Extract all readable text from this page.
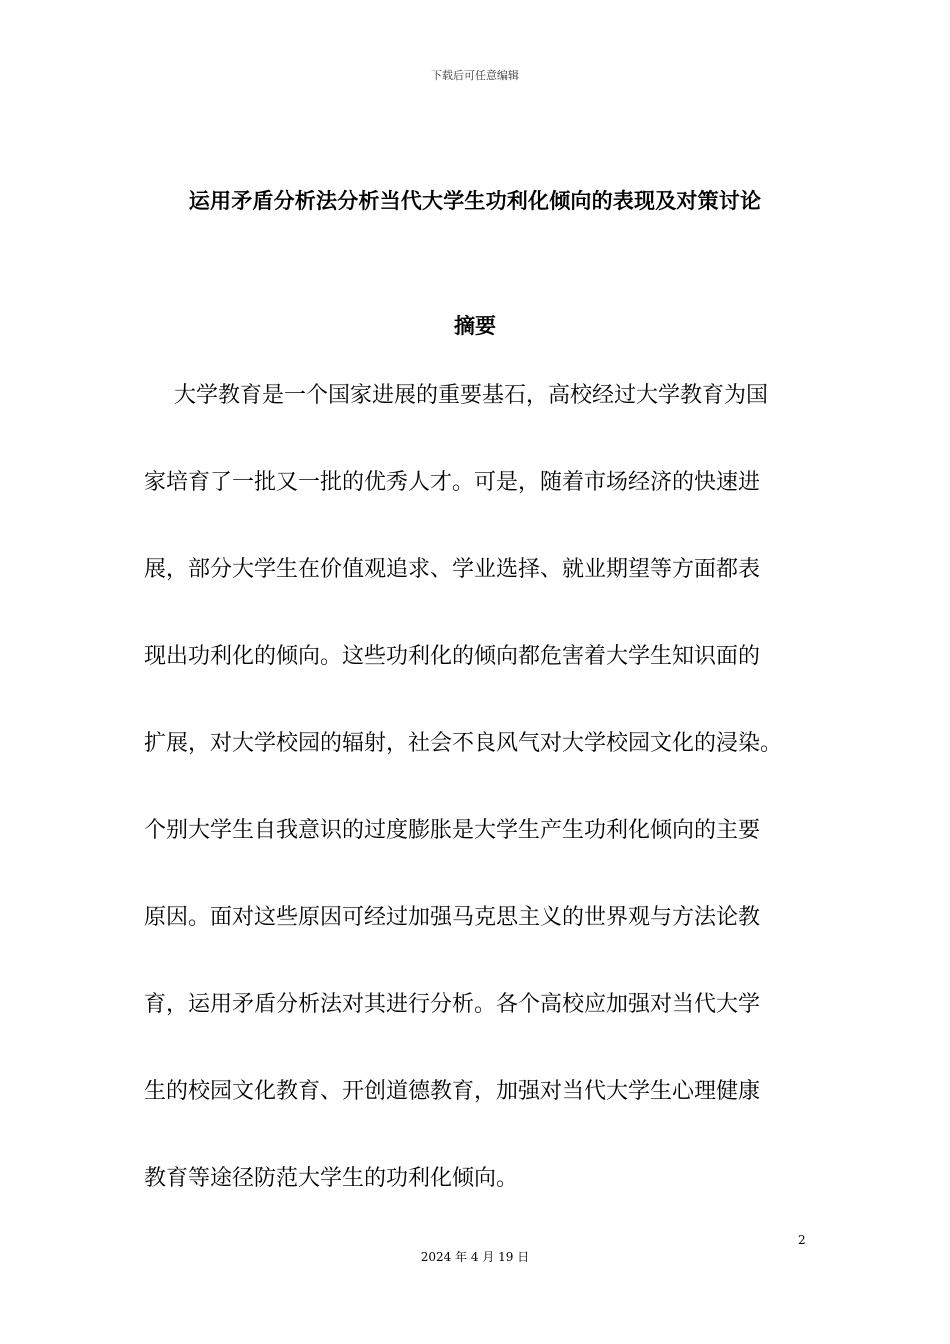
下载后可任意编辑
运用矛盾分析法分析当代大学生功利化倾向的表现及对策讨论
摘要
大学教育是一个国家进展的重要基石，高校经过大学教育为国
家培育了一批又一批的优秀人才。可是，随着市场经济的快速进
展，部分大学生在价值观追求、学业选择、就业期望等方面都表
现出功利化的倾向。这些功利化的倾向都危害着大学生知识面的
扩展，对大学校园的辐射，社会不良风气对大学校园文化的浸染。
个别大学生自我意识的过度膨胀是大学生产生功利化倾向的主要
原因。面对这些原因可经过加强马克思主义的世界观与方法论教
育，运用矛盾分析法对其进行分析。各个高校应加强对当代大学
生的校园文化教育、开创道德教育，加强对当代大学生心理健康
教育等途径防范大学生的功利化倾向。
2
2024 年 4 月 19 日
